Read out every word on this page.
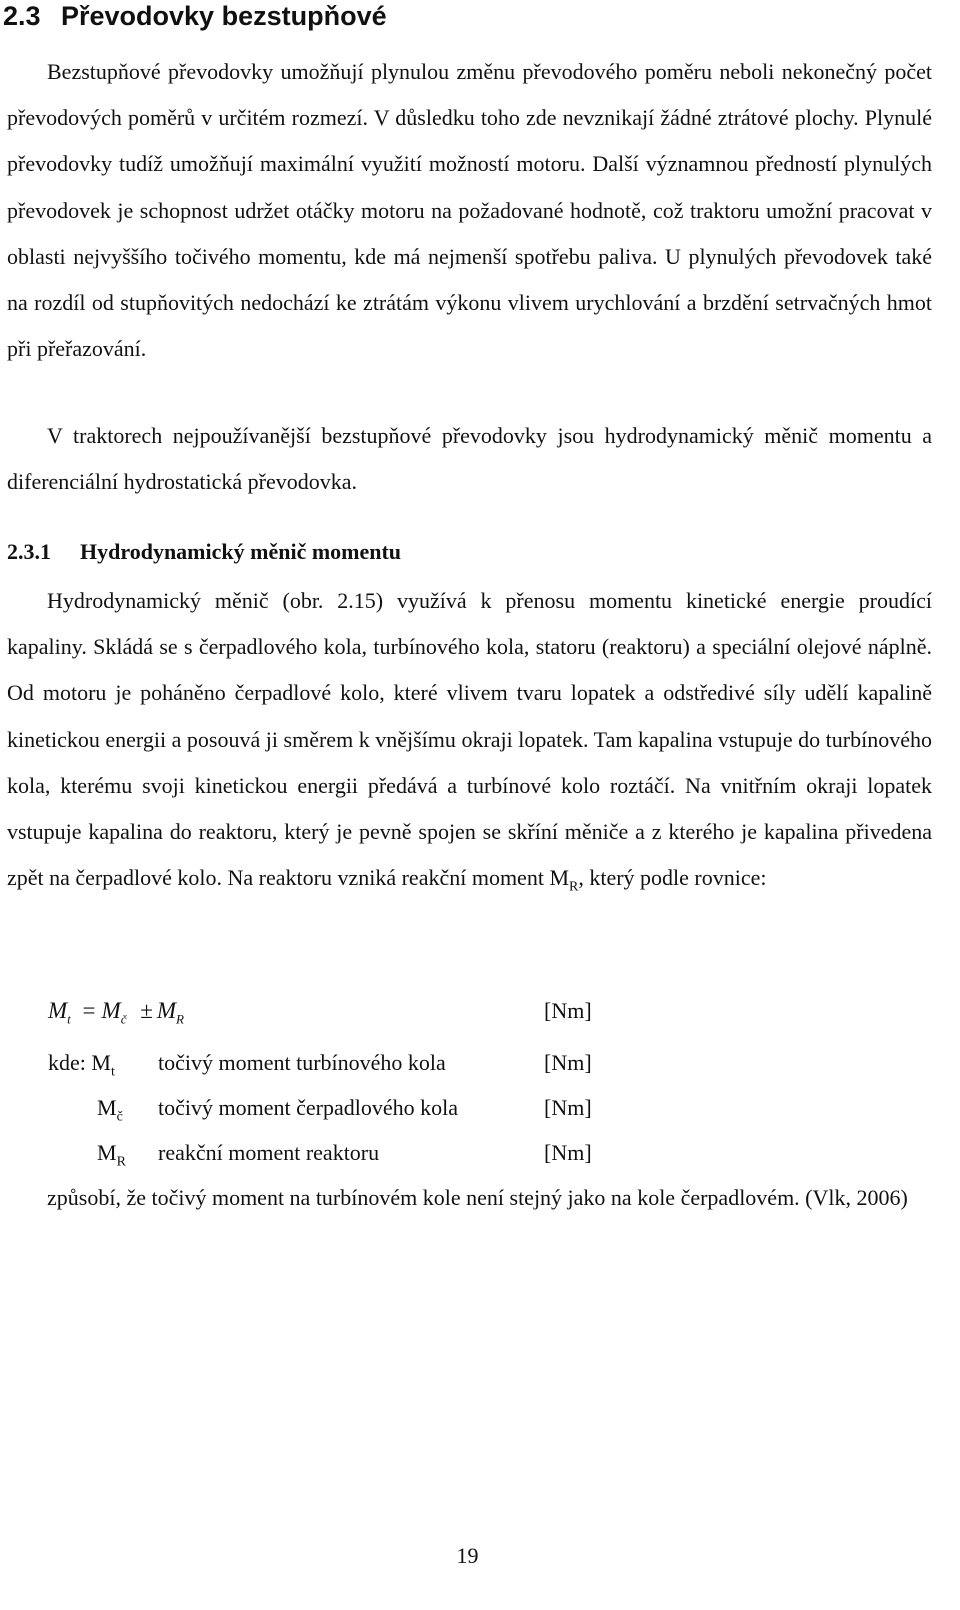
2.3 Převodovky bezstupňové

Bezstupňové převodovky umožňují plynulou změnu převodového poměru neboli nekonečný počet převodových poměrů v určitém rozmezí. V důsledku toho zde nevznikají žádné ztrátové plochy. Plynulé převodovky tudíž umožňují maximální využití možností motoru. Další významnou předností plynulých převodovek je schopnost udržet otáčky motoru na požadované hodnotě, což traktoru umožní pracovat v oblasti nejvyššího točivého momentu, kde má nejmenší spotřebu paliva. U plynulých převodovek také na rozdíl od stupňovitých nedochází ke ztrátám výkonu vlivem urychlování a brzdění setrvačných hmot při přeřazování.

V traktorech nejpoužívanější bezstupňové převodovky jsou hydrodynamický měnič momentu a diferenciální hydrostatická převodovka.

2.3.1 Hydrodynamický měnič momentu

Hydrodynamický měnič (obr. 2.15) využívá k přenosu momentu kinetické energie proudící kapaliny. Skládá se s čerpadlového kola, turbínového kola, statoru (reaktoru) a speciální olejové náplně. Od motoru je poháněno čerpadlové kolo, které vlivem tvaru lopatek a odstředivé síly udělí kapalině kinetickou energii a posouvá ji směrem k vnějšímu okraji lopatek. Tam kapalina vstupuje do turbínového kola, kterému svoji kinetickou energii předává a turbínové kolo roztáčí. Na vnitřním okraji lopatek vstupuje kapalina do reaktoru, který je pevně spojen se skříní měniče a z kterého je kapalina přivedena zpět na čerpadlové kolo. Na reaktoru vzniká reakční moment $M_R$, který podle rovnice:

$M_t = M_č \pm M_R$	[Nm]
kde: $M_t$ točivý moment turbínového kola	[Nm]
$M_č$ točivý moment čerpadlového kola	[Nm]
$M_R$ reakční moment reaktoru	[Nm]

způsobí, že točivý moment na turbínovém kole není stejný jako na kole čerpadlovém. (Vlk, 2006)

19
